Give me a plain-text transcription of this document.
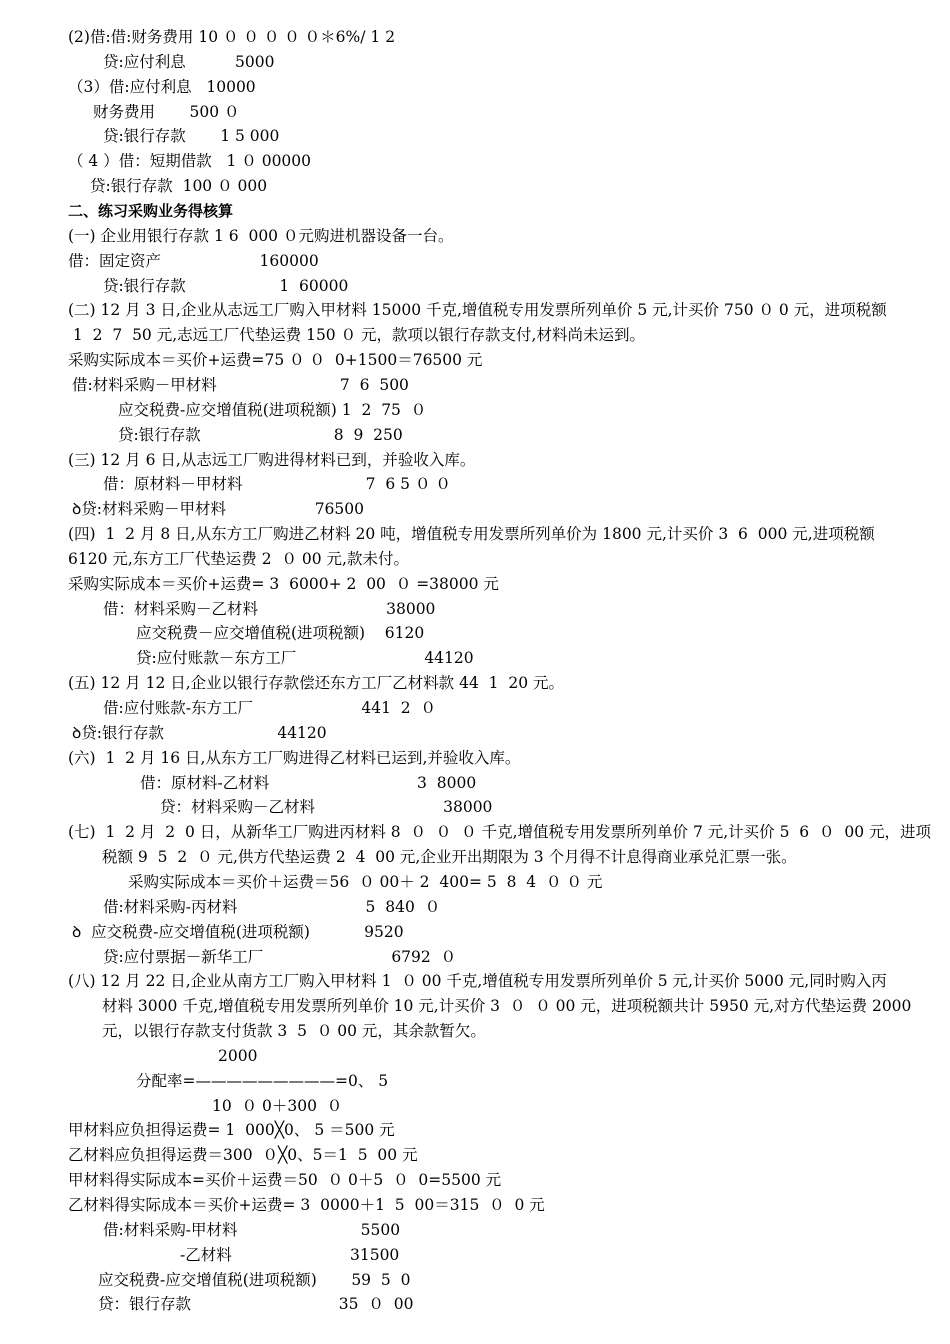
(2)借:借:财务费用 10 ０ ０ ０ ０ ０＊6%/ 1 2
贷:应付利息          5000
（3）借:应付利息   10000
财务费用       500 ０
贷:银行存款       1 5 000
（ 4 ）借：短期借款   1 ０ 00000
贷:银行存款  100 ０ 000
二、练习采购业务得核算
(一) 企业用银行存款 1 6  000 ０元购进机器设备一台。
借：固定资产                    160000
贷:银行存款                   1  60000
(二) 12 月 3 日,企业从志远工厂购入甲材料 15000 千克,增值税专用发票所列单价 5 元,计买价 750 ０ 0 元，进项税额
1  2  7  50 元,志远工厂代垫运费 150 ０ 元，款项以银行存款支付,材料尚未运到。
采购实际成本＝买价+运费=75 ０ ０  0+1500＝76500 元
借:材料采购－甲材料                         7  6  500
应交税费-应交增值税(进项税额) 1  2  75  ０
贷:银行存款                           8  9  250
(三) 12 月 6 日,从志远工厂购进得材料已到，并验收入库。
借：原材料－甲材料                         7  6 5 ０ ０
ꝺ贷:材料采购－甲材料                  76500
(四)  1  2 月 8 日,从东方工厂购进乙材料 20 吨，增值税专用发票所列单价为 1800 元,计买价 3  6  000 元,进项税额
6120 元,东方工厂代垫运费 2  ０ 00 元,款未付。
采购实际成本＝买价+运费= 3  6000+ 2  00  ０ =38000 元
借：材料采购－乙材料                          38000
应交税费－应交增值税(进项税额)    6120
贷:应付账款－东方工厂                          44120
(五) 12 月 12 日,企业以银行存款偿还东方工厂乙材料款 44  1  20 元。
借:应付账款-东方工厂                      441  2  ０
ꝺ贷:银行存款                       44120
(六)  1  2 月 16 日,从东方工厂购进得乙材料已运到,并验收入库。
借：原材料-乙材料                              3  8000
贷：材料采购－乙材料                          38000
(七)  1  2 月  2  0 日，从新华工厂购进丙材料 8  ０  ０  ０ 千克,增值税专用发票所列单价 7 元,计买价 5  6  ０  00 元，进项
税额 9  5  2  ０ 元,供方代垫运费 2  4  00 元,企业开出期限为 3 个月得不计息得商业承兑汇票一张。
采购实际成本＝买价＋运费＝56  ０ 00＋ 2  400= 5  8  4  ０ ０ 元
借:材料采购-丙材料                          5  840  ０
ꝺ  应交税费-应交增值税(进项税额)           9520
贷:应付票据－新华工厂                          6792  ０
(八) 12 月 22 日,企业从南方工厂购入甲材料 1  ０ 00 千克,增值税专用发票所列单价 5 元,计买价 5000 元,同时购入丙
材料 3000 千克,增值税专用发票所列单价 10 元,计买价 3  ０  ０ 00 元，进项税额共计 5950 元,对方代垫运费 2000
元，以银行存款支付货款 3  5  ０ 00 元，其余款暂欠。
2000
分配率=—————————=0、 5
10  ０ 0＋300  ０
甲材料应负担得运费= 1  000╳0、 5 ＝500 元
乙材料应负担得运费＝300  ０╳0、5＝1  5  00 元
甲材料得实际成本=买价＋运费＝50  ０ 0＋5  ０  0=5500 元
乙材料得实际成本＝买价+运费= 3  0000＋1  5  00＝315  ０  0 元
借:材料采购-甲材料                         5500
-乙材料                        31500
应交税费-应交增值税(进项税额)       59  5  0
贷：银行存款                              35  ０  00
